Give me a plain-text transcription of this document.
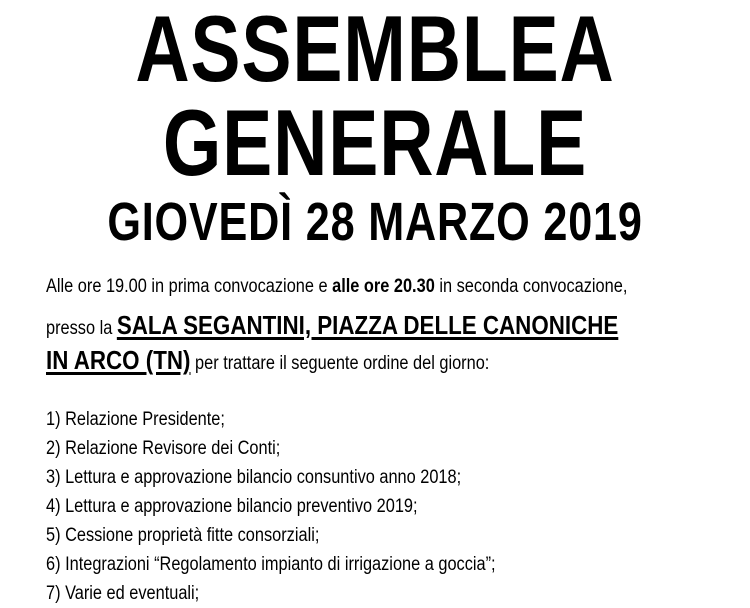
ASSEMBLEA
GENERALE
GIOVEDÌ 28 MARZO 2019
Alle ore 19.00 in prima convocazione e alle ore 20.30 in seconda convocazione,
presso la SALA SEGANTINI, PIAZZA DELLE CANONICHE
IN ARCO (TN) per trattare il seguente ordine del giorno:
1) Relazione Presidente;
2) Relazione Revisore dei Conti;
3) Lettura e approvazione bilancio consuntivo anno 2018;
4) Lettura e approvazione bilancio preventivo 2019;
5) Cessione proprietà fitte consorziali;
6) Integrazioni “Regolamento impianto di irrigazione a goccia”;
7) Varie ed eventuali;
